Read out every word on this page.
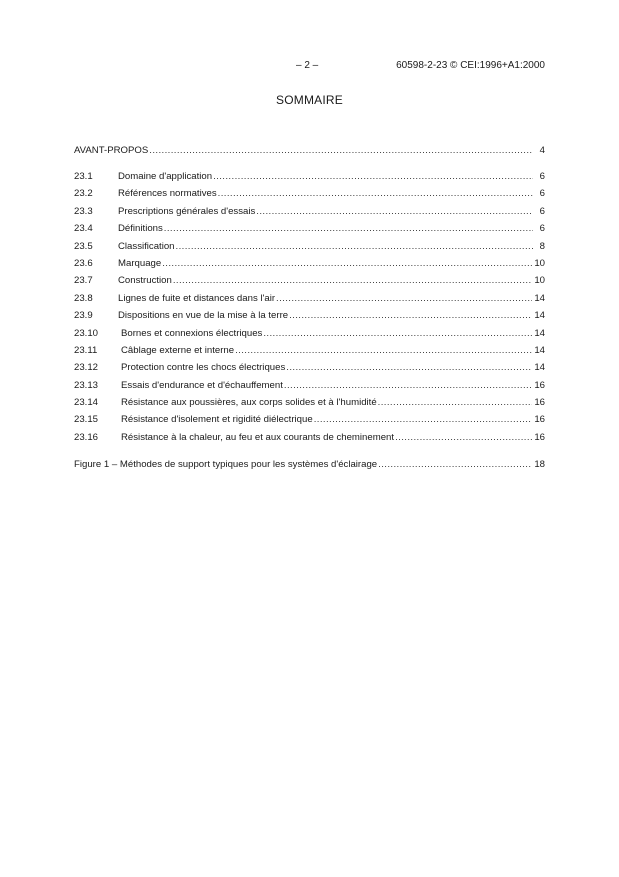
– 2 –	60598-2-23 © CEI:1996+A1:2000
SOMMAIRE
AVANT-PROPOS .....	4
23.1	Domaine d'application .....	6
23.2	Références normatives .....	6
23.3	Prescriptions générales d'essais .....	6
23.4	Définitions .....	6
23.5	Classification .....	8
23.6	Marquage .....	10
23.7	Construction .....	10
23.8	Lignes de fuite et distances dans l'air .....	14
23.9	Dispositions en vue de la mise à la terre .....	14
23.10	Bornes et connexions électriques .....	14
23.11	Câblage externe et interne .....	14
23.12	Protection contre les chocs électriques .....	14
23.13	Essais d'endurance et d'échauffement .....	16
23.14	Résistance aux poussières, aux corps solides et à l'humidité .....	16
23.15	Résistance d'isolement et rigidité diélectrique .....	16
23.16	Résistance à la chaleur, au feu et aux courants de cheminement .....	16
Figure 1 – Méthodes de support typiques pour les systèmes d'éclairage .....	18
